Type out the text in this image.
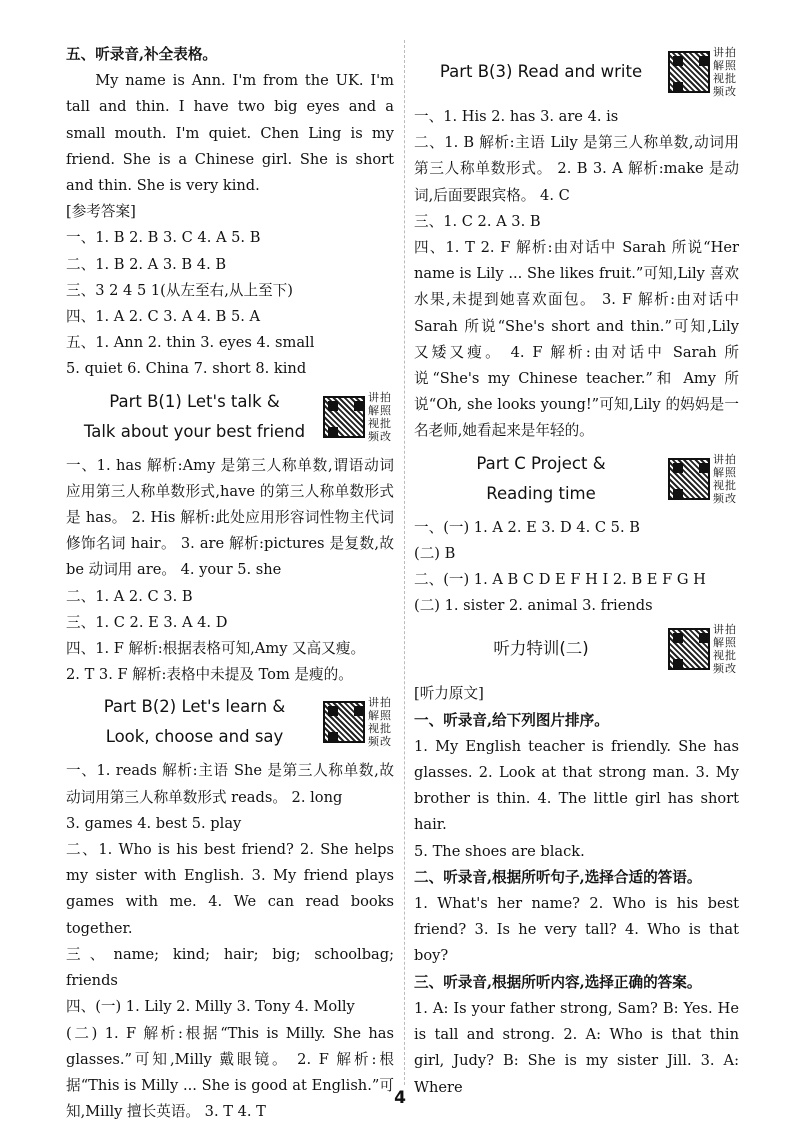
五、听录音,补全表格。

My name is Ann. I'm from the UK. I'm tall and thin. I have two big eyes and a small mouth. I'm quiet. Chen Ling is my friend. She is a Chinese girl. She is short and thin. She is very kind.

[参考答案]

一、1. B 2. B 3. C 4. A 5. B

二、1. B 2. A 3. B 4. B

三、3 2 4 5 1(从左至右,从上至下)

四、1. A 2. C 3. A 4. B 5. A

五、1. Ann 2. thin 3. eyes 4. small

5. quiet 6. China 7. short 8. kind

Part B(1) Let's talk &
Talk about your best friend
讲拍解照视批频改

一、1. has 解析:Amy 是第三人称单数,谓语动词应用第三人称单数形式,have 的第三人称单数形式是 has。 2. His 解析:此处应用形容词性物主代词修饰名词 hair。 3. are 解析:pictures 是复数,故 be 动词用 are。 4. your 5. she

二、1. A 2. C 3. B

三、1. C 2. E 3. A 4. D

四、1. F 解析:根据表格可知,Amy 又高又瘦。

2. T 3. F 解析:表格中未提及 Tom 是瘦的。

Part B(2) Let's learn &
Look, choose and say
讲拍解照视批频改

一、1. reads 解析:主语 She 是第三人称单数,故动词用第三人称单数形式 reads。 2. long

3. games 4. best 5. play

二、1. Who is his best friend? 2. She helps my sister with English. 3. My friend plays games with me. 4. We can read books together.

三、name; kind; hair; big; schoolbag; friends

四、(一) 1. Lily 2. Milly 3. Tony 4. Molly

(二) 1. F 解析:根据“This is Milly. She has glasses.”可知,Milly 戴眼镜。 2. F 解析:根据“This is Milly ... She is good at English.”可知,Milly 擅长英语。 3. T 4. T

Part B(3) Read and write
讲拍解照视批频改

一、1. His 2. has 3. are 4. is

二、1. B 解析:主语 Lily 是第三人称单数,动词用第三人称单数形式。 2. B 3. A 解析:make 是动词,后面要跟宾格。 4. C

三、1. C 2. A 3. B

四、1. T 2. F 解析:由对话中 Sarah 所说“Her name is Lily ... She likes fruit.”可知,Lily 喜欢水果,未提到她喜欢面包。 3. F 解析:由对话中 Sarah 所说“She's short and thin.”可知,Lily 又矮又瘦。 4. F 解析:由对话中 Sarah 所说“She's my Chinese teacher.”和 Amy 所说“Oh, she looks young!”可知,Lily 的妈妈是一名老师,她看起来是年轻的。

Part C Project &
Reading time
讲拍解照视批频改

一、(一) 1. A 2. E 3. D 4. C 5. B

(二) B

二、(一) 1. A B C D E F H I 2. B E F G H

(二) 1. sister 2. animal 3. friends

听力特训(二)
讲拍解照视批频改

[听力原文]

一、听录音,给下列图片排序。

1. My English teacher is friendly. She has glasses. 2. Look at that strong man. 3. My brother is thin. 4. The little girl has short hair.

5. The shoes are black.

二、听录音,根据所听句子,选择合适的答语。

1. What's her name? 2. Who is his best friend? 3. Is he very tall? 4. Who is that boy?

三、听录音,根据所听内容,选择正确的答案。

1. A: Is your father strong, Sam? B: Yes. He is tall and strong. 2. A: Who is that thin girl, Judy? B: She is my sister Jill. 3. A: Where

4
